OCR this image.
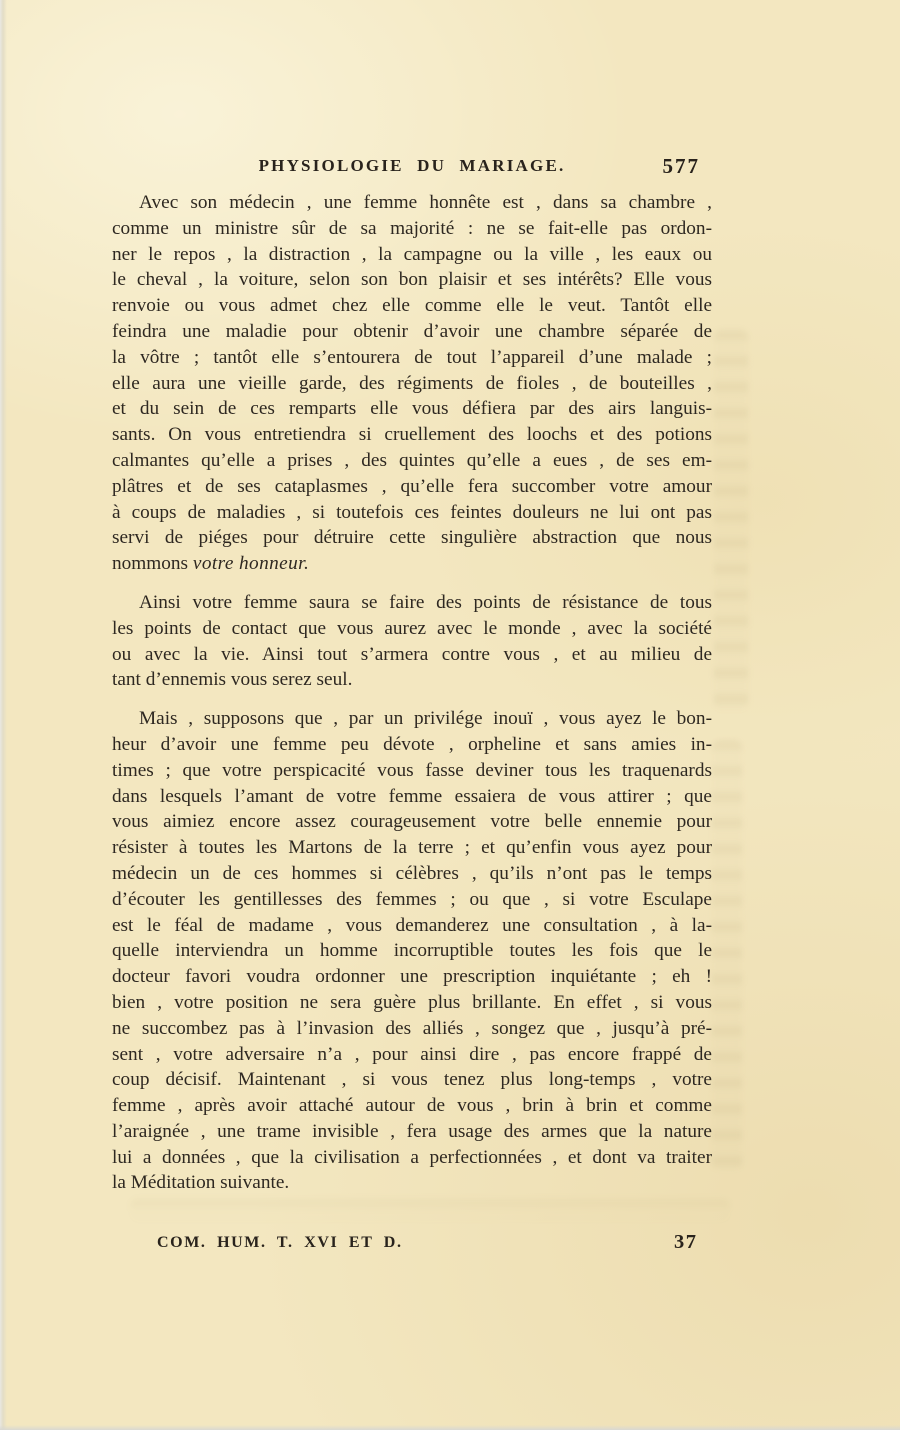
PHYSIOLOGIE DU MARIAGE.	577
Avec son médecin , une femme honnête est , dans sa chambre ,
comme un ministre sûr de sa majorité : ne se fait-elle pas ordon-
ner le repos , la distraction , la campagne ou la ville , les eaux ou
le cheval , la voiture, selon son bon plaisir et ses intérêts? Elle vous
renvoie ou vous admet chez elle comme elle le veut. Tantôt elle
feindra une maladie pour obtenir d’avoir une chambre séparée de
la vôtre ; tantôt elle s’entourera de tout l’appareil d’une malade ;
elle aura une vieille garde, des régiments de fioles , de bouteilles ,
et du sein de ces remparts elle vous défiera par des airs languis-
sants. On vous entretiendra si cruellement des loochs et des potions
calmantes qu’elle a prises , des quintes qu’elle a eues , de ses em-
plâtres et de ses cataplasmes , qu’elle fera succomber votre amour
à coups de maladies , si toutefois ces feintes douleurs ne lui ont pas
servi de piéges pour détruire cette singulière abstraction que nous
nommons votre honneur.
Ainsi votre femme saura se faire des points de résistance de tous
les points de contact que vous aurez avec le monde , avec la société
ou avec la vie. Ainsi tout s’armera contre vous , et au milieu de
tant d’ennemis vous serez seul.
Mais , supposons que , par un privilége inouï , vous ayez le bon-
heur d’avoir une femme peu dévote , orpheline et sans amies in-
times ; que votre perspicacité vous fasse deviner tous les traquenards
dans lesquels l’amant de votre femme essaiera de vous attirer ; que
vous aimiez encore assez courageusement votre belle ennemie pour
résister à toutes les Martons de la terre ; et qu’enfin vous ayez pour
médecin un de ces hommes si célèbres , qu’ils n’ont pas le temps
d’écouter les gentillesses des femmes ; ou que , si votre Esculape
est le féal de madame , vous demanderez une consultation , à la-
quelle interviendra un homme incorruptible toutes les fois que le
docteur favori voudra ordonner une prescription inquiétante ; eh !
bien , votre position ne sera guère plus brillante. En effet , si vous
ne succombez pas à l’invasion des alliés , songez que , jusqu’à pré-
sent , votre adversaire n’a , pour ainsi dire , pas encore frappé de
coup décisif. Maintenant , si vous tenez plus long-temps , votre
femme , après avoir attaché autour de vous , brin à brin et comme
l’araignée , une trame invisible , fera usage des armes que la nature
lui a données , que la civilisation a perfectionnées , et dont va traiter
la Méditation suivante.
COM. HUM. T. XVI ET D.	37
